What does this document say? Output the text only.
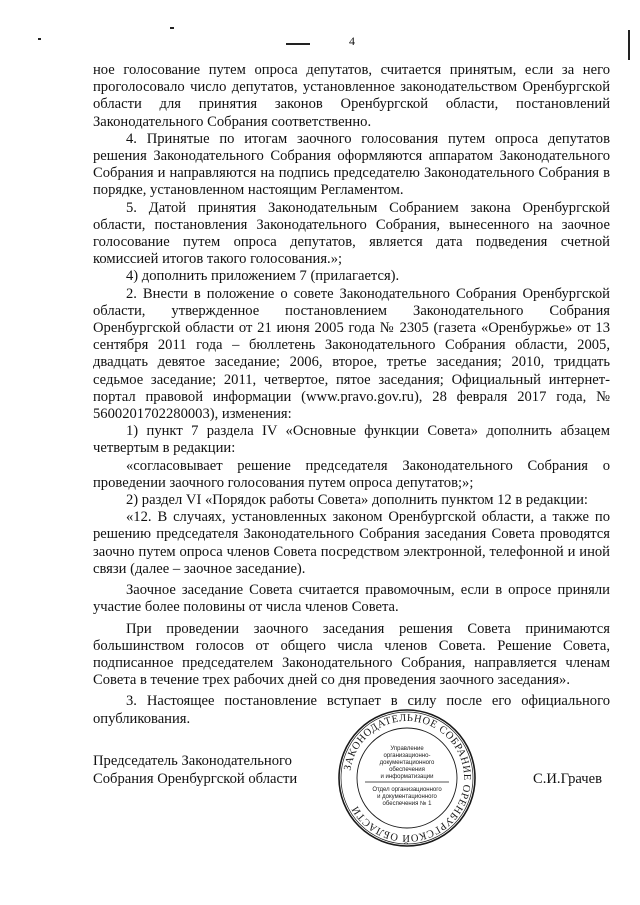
4

ное голосование путем опроса депутатов, считается принятым, если за него проголосовало число депутатов, установленное законодательством Оренбургской области для принятия законов Оренбургской области, постановлений Законодательного Собрания соответственно.

4. Принятые по итогам заочного голосования путем опроса депутатов решения Законодательного Собрания оформляются аппаратом Законодательного Собрания и направляются на подпись председателю Законодательного Собрания в порядке, установленном настоящим Регламентом.

5. Датой принятия Законодательным Собранием закона Оренбургской области, постановления Законодательного Собрания, вынесенного на заочное голосование путем опроса депутатов, является дата подведения счетной комиссией итогов такого голосования.»;

4) дополнить приложением 7 (прилагается).

2. Внести в положение о совете Законодательного Собрания Оренбургской области, утвержденное постановлением Законодательного Собрания Оренбургской области от 21 июня 2005 года № 2305 (газета «Оренбуржье» от 13 сентября 2011 года – бюллетень Законодательного Собрания области, 2005, двадцать девятое заседание; 2006, второе, третье заседания; 2010, тридцать седьмое заседание; 2011, четвертое, пятое заседания; Официальный интернет-портал правовой информации (www.pravo.gov.ru), 28 февраля 2017 года, № 5600201702280003), изменения:

1) пункт 7 раздела IV «Основные функции Совета» дополнить абзацем четвертым в редакции:

«согласовывает решение председателя Законодательного Собрания о проведении заочного голосования путем опроса депутатов;»;

2) раздел VI «Порядок работы Совета» дополнить пунктом 12 в редакции:

«12. В случаях, установленных законом Оренбургской области, а также по решению председателя Законодательного Собрания заседания Совета проводятся заочно путем опроса членов Совета посредством электронной, телефонной и иной связи (далее – заочное заседание).

Заочное заседание Совета считается правомочным, если в опросе приняли участие более половины от числа членов Совета.

При проведении заочного заседания решения Совета принимаются большинством голосов от общего числа членов Совета. Решение Совета, подписанное председателем Законодательного Собрания, направляется членам Совета в течение трех рабочих дней со дня проведения заочного заседания».

3. Настоящее постановление вступает в силу после его официального опубликования.

Председатель Законодательного
Собрания Оренбургской области
ЗАКОНОДАТЕЛЬНОЕ СОБРАНИЕ ОРЕНБУРГСКОЙ ОБЛАСТИ
Управление
организационно-
документационного
обеспечения
и информатизации
Отдел организационного
и документационного
обеспечения № 1
С.И.Грачев
